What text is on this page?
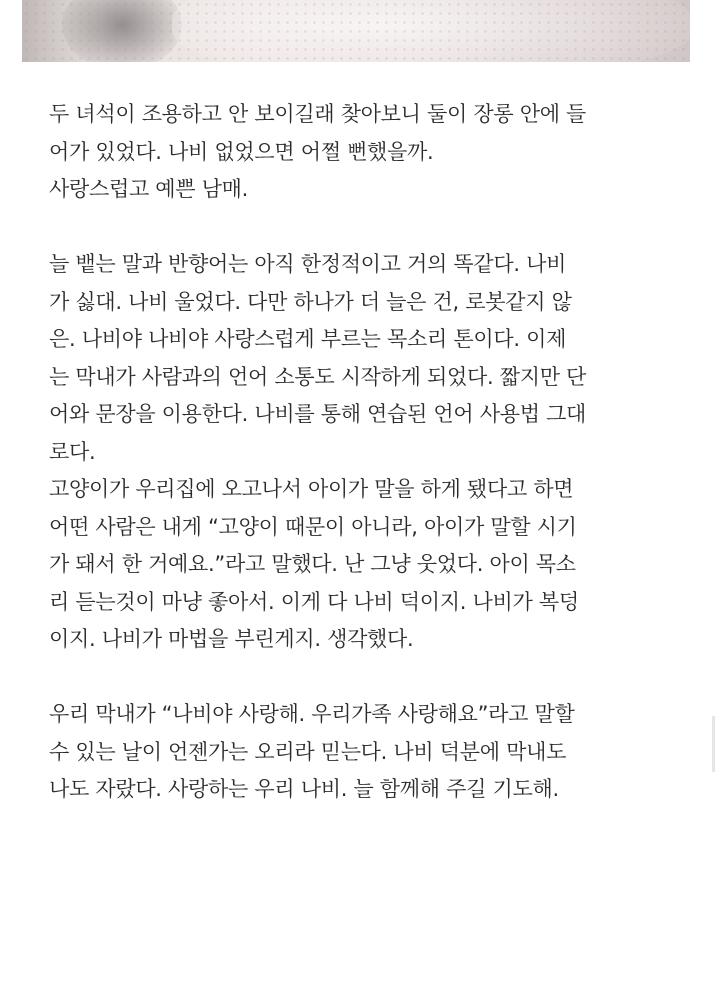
두 녀석이 조용하고 안 보이길래 찾아보니 둘이 장롱 안에 들
어가 있었다. 나비 없었으면 어쩔 뻔했을까.
사랑스럽고 예쁜 남매.

늘 뱉는 말과 반향어는 아직 한정적이고 거의 똑같다. 나비
가 싫대. 나비 울었다. 다만 하나가 더 늘은 건, 로봇같지 않
은. 나비야 나비야 사랑스럽게 부르는 목소리 톤이다. 이제
는 막내가 사람과의 언어 소통도 시작하게 되었다. 짧지만 단
어와 문장을 이용한다. 나비를 통해 연습된 언어 사용법 그대
로다.
고양이가 우리집에 오고나서 아이가 말을 하게 됐다고 하면
어떤 사람은 내게 “고양이 때문이 아니라, 아이가 말할 시기
가 돼서 한 거예요.”라고 말했다. 난 그냥 웃었다. 아이 목소
리 듣는것이 마냥 좋아서. 이게 다 나비 덕이지. 나비가 복덩
이지. 나비가 마법을 부린게지. 생각했다.

우리 막내가 “나비야 사랑해. 우리가족 사랑해요”라고 말할
수 있는 날이 언젠가는 오리라 믿는다. 나비 덕분에 막내도
나도 자랐다. 사랑하는 우리 나비. 늘 함께해 주길 기도해.
